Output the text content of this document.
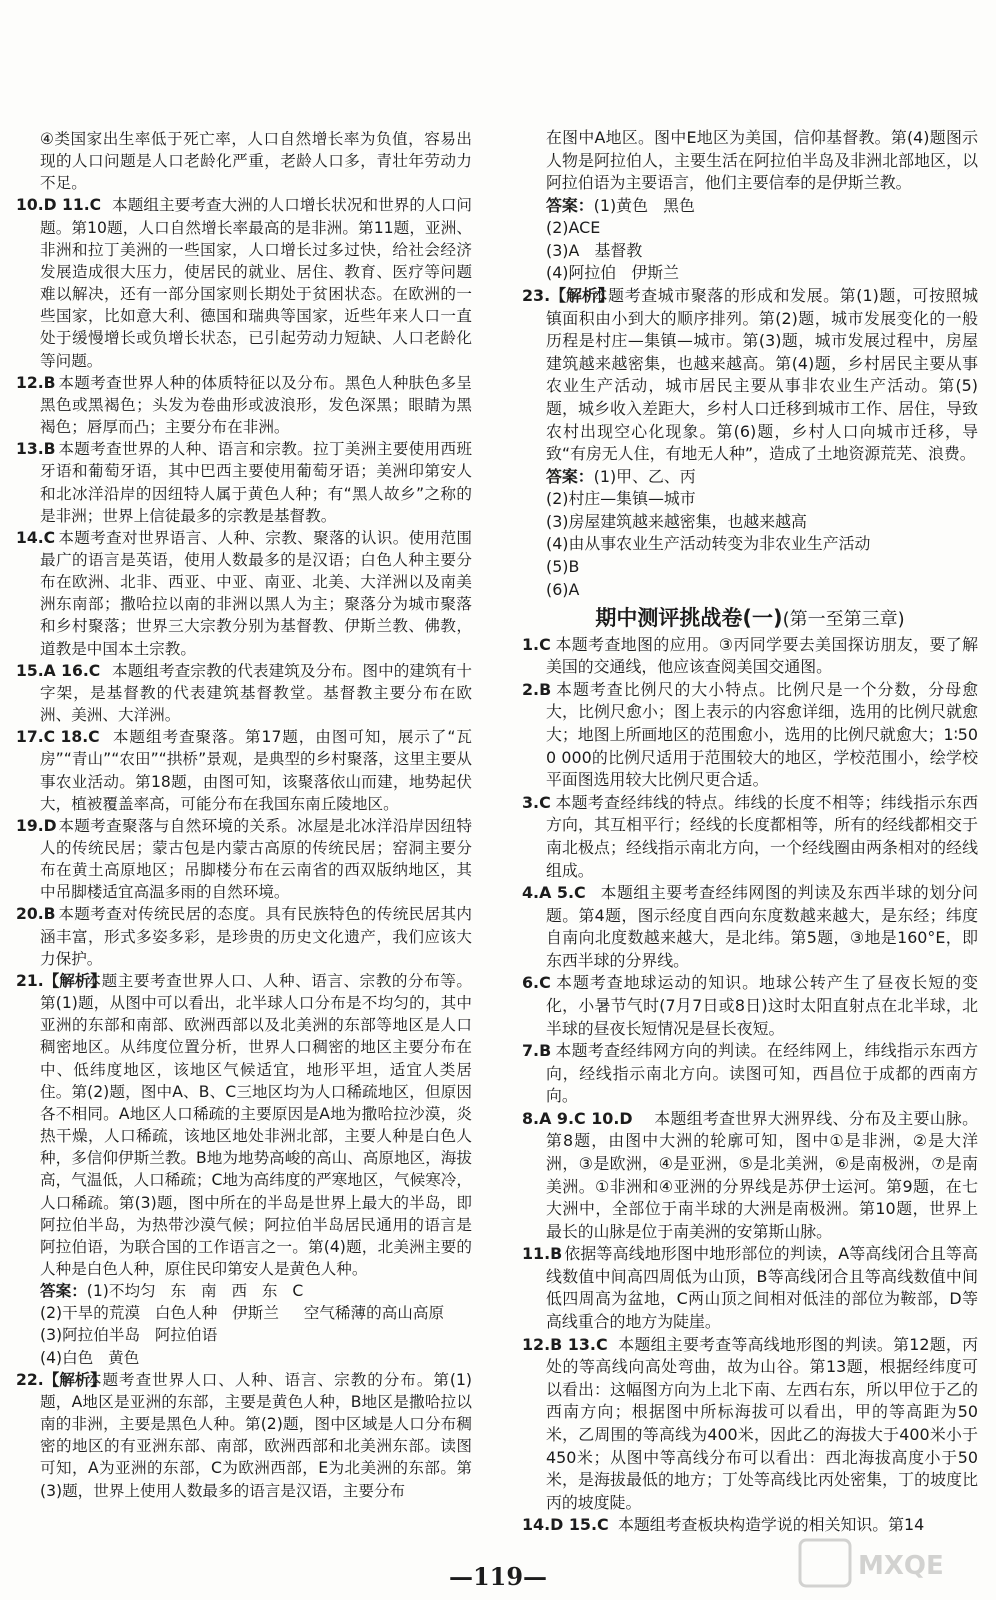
④类国家出生率低于死亡率，人口自然增长率为负值，容易出现的人口问题是人口老龄化严重，老龄人口多，青壮年劳动力不足。
10.D 11.C 本题组主要考查大洲的人口增长状况和世界的人口问题。第10题，人口自然增长率最高的是非洲。第11题，亚洲、非洲和拉丁美洲的一些国家，人口增长过多过快，给社会经济发展造成很大压力，使居民的就业、居住、教育、医疗等问题难以解决，还有一部分国家则长期处于贫困状态。在欧洲的一些国家，比如意大利、德国和瑞典等国家，近些年来人口一直处于缓慢增长或负增长状态，已引起劳动力短缺、人口老龄化等问题。
12.B 本题考查世界人种的体质特征以及分布。黑色人种肤色多呈黑色或黑褐色；头发为卷曲形或波浪形，发色深黑；眼睛为黑褐色；唇厚而凸；主要分布在非洲。
13.B 本题考查世界的人种、语言和宗教。拉丁美洲主要使用西班牙语和葡萄牙语，其中巴西主要使用葡萄牙语；美洲印第安人和北冰洋沿岸的因纽特人属于黄色人种；有“黑人故乡”之称的是非洲；世界上信徒最多的宗教是基督教。
14.C 本题考查对世界语言、人种、宗教、聚落的认识。使用范围最广的语言是英语，使用人数最多的是汉语；白色人种主要分布在欧洲、北非、西亚、中亚、南亚、北美、大洋洲以及南美洲东南部；撒哈拉以南的非洲以黑人为主；聚落分为城市聚落和乡村聚落；世界三大宗教分别为基督教、伊斯兰教、佛教，道教是中国本土宗教。
15.A 16.C 本题组考查宗教的代表建筑及分布。图中的建筑有十字架，是基督教的代表建筑基督教堂。基督教主要分布在欧洲、美洲、大洋洲。
17.C 18.C 本题组考查聚落。第17题，由图可知，展示了“瓦房”“青山”“农田”“拱桥”景观，是典型的乡村聚落，这里主要从事农业活动。第18题，由图可知，该聚落依山而建，地势起伏大，植被覆盖率高，可能分布在我国东南丘陵地区。
19.D 本题考查聚落与自然环境的关系。冰屋是北冰洋沿岸因纽特人的传统民居；蒙古包是内蒙古高原的传统民居；窑洞主要分布在黄土高原地区；吊脚楼分布在云南省的西双版纳地区，其中吊脚楼适宜高温多雨的自然环境。
20.B 本题考查对传统民居的态度。具有民族特色的传统民居其内涵丰富，形式多姿多彩，是珍贵的历史文化遗产，我们应该大力保护。
21.【解析】
本题主要考查世界人口、人种、语言、宗教的分布等。第(1)题，从图中可以看出，北半球人口分布是不均匀的，其中亚洲的东部和南部、欧洲西部以及北美洲的东部等地区是人口稠密地区。从纬度位置分析，世界人口稠密的地区主要分布在中、低纬度地区，该地区气候适宜，地形平坦，适宜人类居住。第(2)题，图中A、B、C三地区均为人口稀疏地区，但原因各不相同。A地区人口稀疏的主要原因是A地为撒哈拉沙漠，炎热干燥，人口稀疏，该地区地处非洲北部，主要人种是白色人种，多信仰伊斯兰教。B地为地势高峻的高山、高原地区，海拔高，气温低，人口稀疏；C地为高纬度的严寒地区，气候寒冷，人口稀疏。第(3)题，图中所在的半岛是世界上最大的半岛，即阿拉伯半岛，为热带沙漠气候；阿拉伯半岛居民通用的语言是阿拉伯语，为联合国的工作语言之一。第(4)题，北美洲主要的人种是白色人种，原住民印第安人是黄色人种。
答案：(1)不均匀   东   南   西   东   C
(2)干旱的荒漠   白色人种   伊斯兰     空气稀薄的高山高原
(3)阿拉伯半岛   阿拉伯语
(4)白色   黄色
22.【解析】
本题考查世界人口、人种、语言、宗教的分布。第(1)题，A地区是亚洲的东部，主要是黄色人种，B地区是撒哈拉以南的非洲，主要是黑色人种。第(2)题，图中区域是人口分布稠密的地区的有亚洲东部、南部，欧洲西部和北美洲东部。读图可知，A为亚洲的东部，C为欧洲西部，E为北美洲的东部。第(3)题，世界上使用人数最多的语言是汉语，主要分布
在图中A地区。图中E地区为美国，信仰基督教。第(4)题图示人物是阿拉伯人，主要生活在阿拉伯半岛及非洲北部地区，以阿拉伯语为主要语言，他们主要信奉的是伊斯兰教。
答案：(1)黄色   黑色
(2)ACE
(3)A   基督教
(4)阿拉伯   伊斯兰
23.【解析】
本题考查城市聚落的形成和发展。第(1)题，可按照城镇面积由小到大的顺序排列。第(2)题，城市发展变化的一般历程是村庄—集镇—城市。第(3)题，城市发展过程中，房屋建筑越来越密集，也越来越高。第(4)题，乡村居民主要从事农业生产活动，城市居民主要从事非农业生产活动。第(5)题，城乡收入差距大，乡村人口迁移到城市工作、居住，导致农村出现空心化现象。第(6)题，乡村人口向城市迁移，导致“有房无人住，有地无人种”，造成了土地资源荒芜、浪费。
答案：(1)甲、乙、丙
(2)村庄—集镇—城市
(3)房屋建筑越来越密集，也越来越高
(4)由从事农业生产活动转变为非农业生产活动
(5)B
(6)A
期中测评挑战卷(一)(第一至第三章)
1.C 本题考查地图的应用。③丙同学要去美国探访朋友，要了解美国的交通线，他应该查阅美国交通图。
2.B 本题考查比例尺的大小特点。比例尺是一个分数，分母愈大，比例尺愈小；图上表示的内容愈详细，选用的比例尺就愈大；地图上所画地区的范围愈小，选用的比例尺就愈大；1∶500 000的比例尺适用于范围较大的地区，学校范围小，绘学校平面图选用较大比例尺更合适。
3.C 本题考查经纬线的特点。纬线的长度不相等；纬线指示东西方向，其互相平行；经线的长度都相等，所有的经线都相交于南北极点；经线指示南北方向，一个经线圈由两条相对的经线组成。
4.A 5.C 本题组主要考查经纬网图的判读及东西半球的划分问题。第4题，图示经度自西向东度数越来越大，是东经；纬度自南向北度数越来越大，是北纬。第5题，③地是160°E，即东西半球的分界线。
6.C 本题考查地球运动的知识。地球公转产生了昼夜长短的变化，小暑节气时(7月7日或8日)这时太阳直射点在北半球，北半球的昼夜长短情况是昼长夜短。
7.B 本题考查经纬网方向的判读。在经纬网上，纬线指示东西方向，经线指示南北方向。读图可知，西昌位于成都的西南方向。
8.A 9.C 10.D 本题组考查世界大洲界线、分布及主要山脉。第8题，由图中大洲的轮廓可知，图中①是非洲，②是大洋洲，③是欧洲，④是亚洲，⑤是北美洲，⑥是南极洲，⑦是南美洲。①非洲和④亚洲的分界线是苏伊士运河。第9题，在七大洲中，全部位于南半球的大洲是南极洲。第10题，世界上最长的山脉是位于南美洲的安第斯山脉。
11.B 依据等高线地形图中地形部位的判读，A等高线闭合且等高线数值中间高四周低为山顶，B等高线闭合且等高线数值中间低四周高为盆地，C两山顶之间相对低洼的部位为鞍部，D等高线重合的地方为陡崖。
12.B 13.C 本题组主要考查等高线地形图的判读。第12题，丙处的等高线向高处弯曲，故为山谷。第13题，根据经纬度可以看出：这幅图方向为上北下南、左西右东，所以甲位于乙的西南方向；根据图中所标海拔可以看出，甲的等高距为50米，乙周围的等高线为400米，因此乙的海拔大于400米小于450米；从图中等高线分布可以看出：西北海拔高度小于50米，是海拔最低的地方；丁处等高线比丙处密集，丁的坡度比丙的坡度陡。
14.D 15.C 本题组考查板块构造学说的相关知识。第14
—119—	MXQE
